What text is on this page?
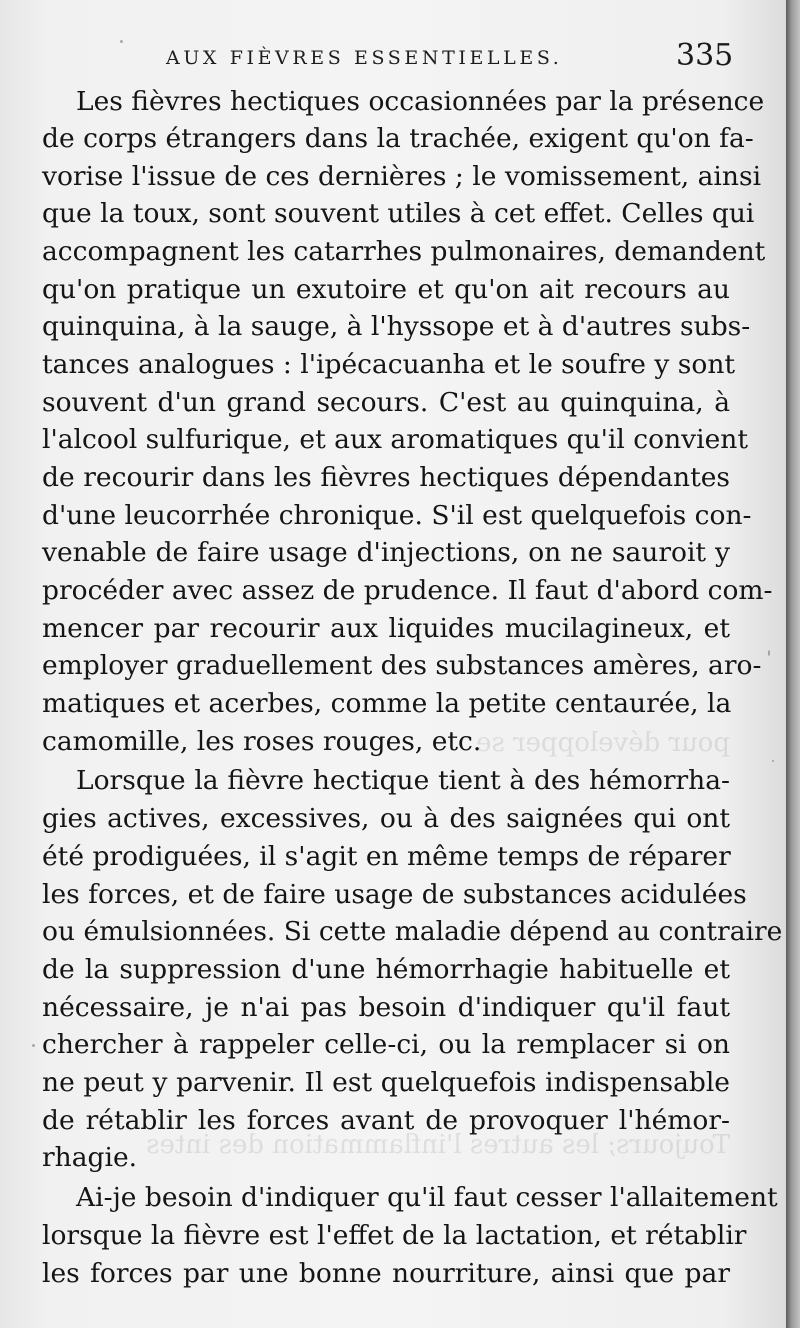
AUX FIÈVRES ESSENTIELLES.	335
pour développer se
Toujours; les autres l'inflammation des intes
Les fièvres hectiques occasionnées par la présence
de corps étrangers dans la trachée, exigent qu'on fa-
vorise l'issue de ces dernières ; le vomissement, ainsi
que la toux, sont souvent utiles à cet effet. Celles qui
accompagnent les catarrhes pulmonaires, demandent
qu'on pratique un exutoire et qu'on ait recours au
quinquina, à la sauge, à l'hyssope et à d'autres subs-
tances analogues : l'ipécacuanha et le soufre y sont
souvent d'un grand secours. C'est au quinquina, à
l'alcool sulfurique, et aux aromatiques qu'il convient
de recourir dans les fièvres hectiques dépendantes
d'une leucorrhée chronique. S'il est quelquefois con-
venable de faire usage d'injections, on ne sauroit y
procéder avec assez de prudence. Il faut d'abord com-
mencer par recourir aux liquides mucilagineux, et
employer graduellement des substances amères, aro-
matiques et acerbes, comme la petite centaurée, la
camomille, les roses rouges, etc.
Lorsque la fièvre hectique tient à des hémorrha-
gies actives, excessives, ou à des saignées qui ont
été prodiguées, il s'agit en même temps de réparer
les forces, et de faire usage de substances acidulées
ou émulsionnées. Si cette maladie dépend au contraire
de la suppression d'une hémorrhagie habituelle et
nécessaire, je n'ai pas besoin d'indiquer qu'il faut
chercher à rappeler celle-ci, ou la remplacer si on
ne peut y parvenir. Il est quelquefois indispensable
de rétablir les forces avant de provoquer l'hémor-
rhagie.
Ai-je besoin d'indiquer qu'il faut cesser l'allaitement
lorsque la fièvre est l'effet de la lactation, et rétablir
les forces par une bonne nourriture, ainsi que par
